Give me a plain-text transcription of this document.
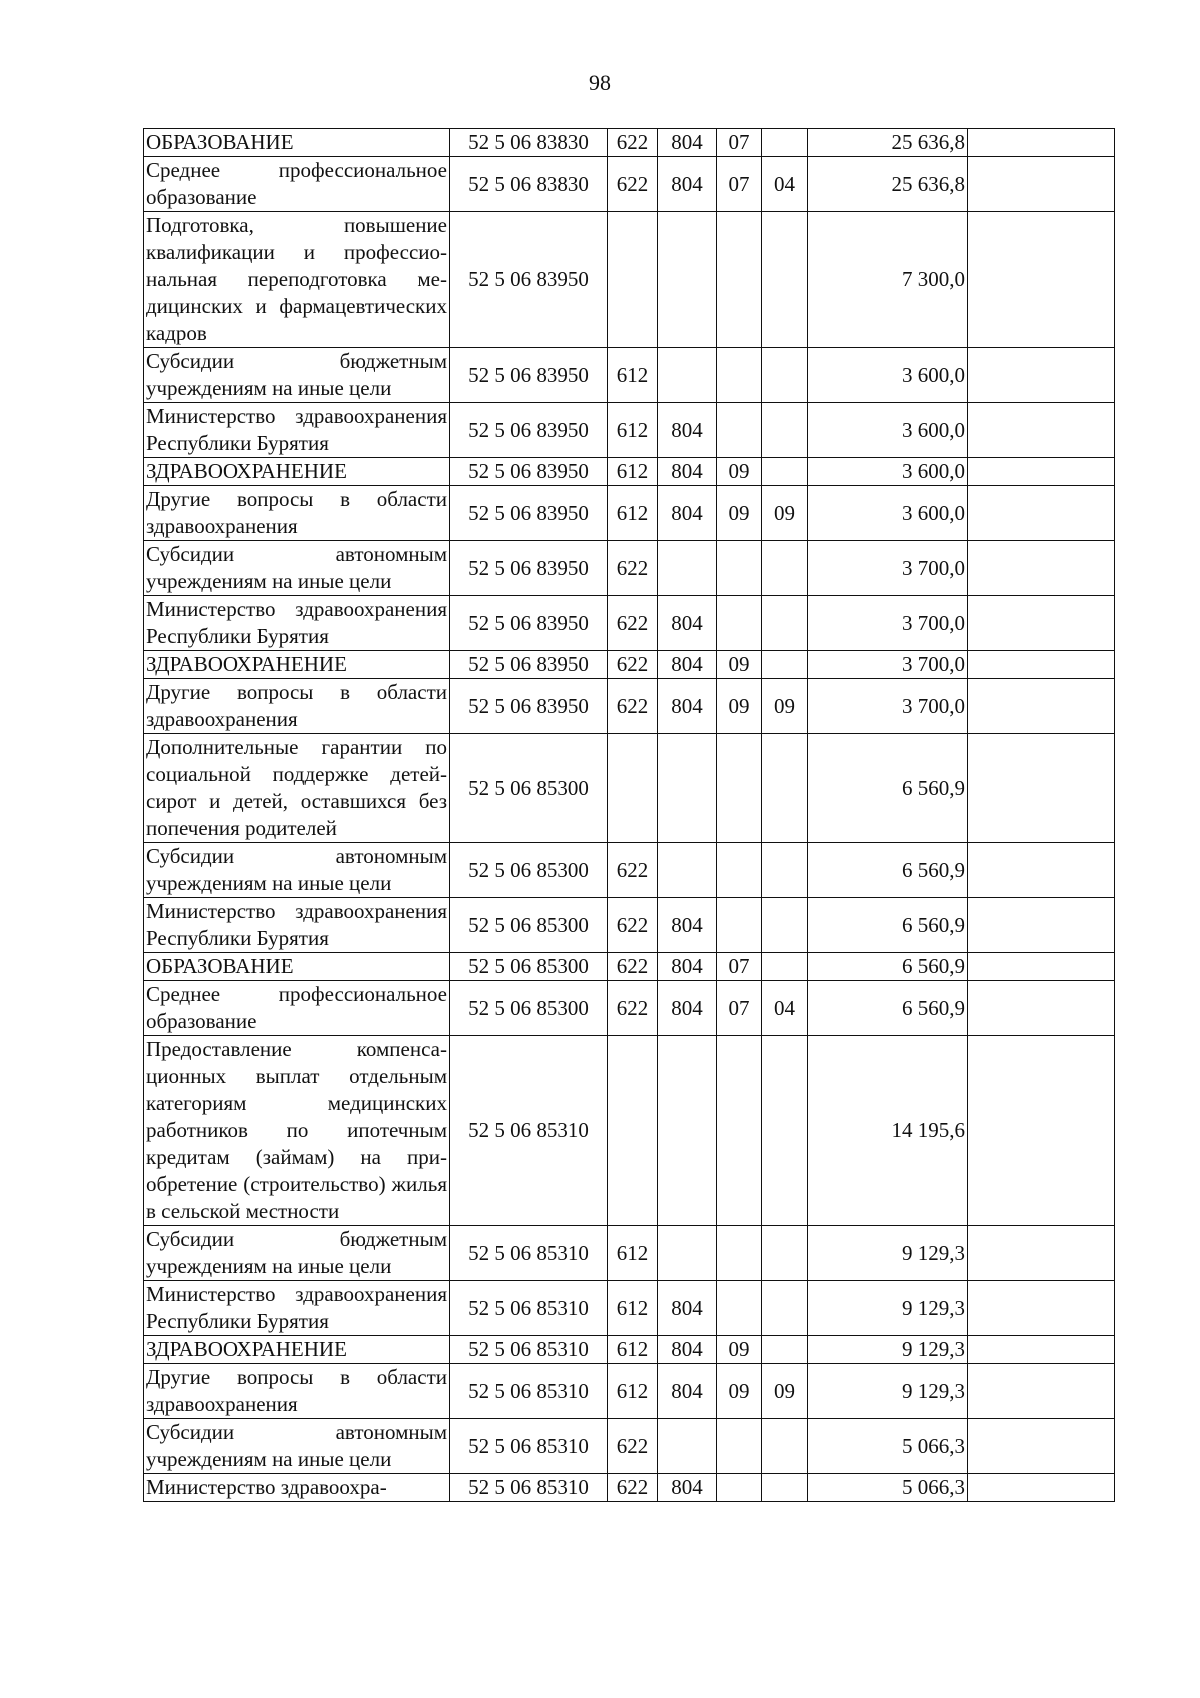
98
ОБРАЗОВАНИЕ	52 5 06 83830	622	804	07		25 636,8	

Среднее профессиональное образование	52 5 06 83830	622	804	07	04	25 636,8	

Подготовка, повышение квалификации и профессиональная переподготовка медицинских и фармацевтических кадров	52 5 06 83950					7 300,0	

Субсидии бюджетным учреждениям на иные цели	52 5 06 83950	612				3 600,0	

Министерство здравоохранения Республики Бурятия	52 5 06 83950	612	804			3 600,0	

ЗДРАВООХРАНЕНИЕ	52 5 06 83950	612	804	09		3 600,0	

Другие вопросы в области здравоохранения	52 5 06 83950	612	804	09	09	3 600,0	

Субсидии автономным учреждениям на иные цели	52 5 06 83950	622				3 700,0	

Министерство здравоохранения Республики Бурятия	52 5 06 83950	622	804			3 700,0	

ЗДРАВООХРАНЕНИЕ	52 5 06 83950	622	804	09		3 700,0	

Другие вопросы в области здравоохранения	52 5 06 83950	622	804	09	09	3 700,0	

Дополнительные гарантии по социальной поддержке детей-сирот и детей, оставшихся без попечения родителей	52 5 06 85300					6 560,9	

Субсидии автономным учреждениям на иные цели	52 5 06 85300	622				6 560,9	

Министерство здравоохранения Республики Бурятия	52 5 06 85300	622	804			6 560,9	

ОБРАЗОВАНИЕ	52 5 06 85300	622	804	07		6 560,9	

Среднее профессиональное образование	52 5 06 85300	622	804	07	04	6 560,9	

Предоставление компенсационных выплат отдельным категориям медицинских работников по ипотечным кредитам (займам) на приобретение (строительство) жилья в сельской местности	52 5 06 85310					14 195,6	

Субсидии бюджетным учреждениям на иные цели	52 5 06 85310	612				9 129,3	

Министерство здравоохранения Республики Бурятия	52 5 06 85310	612	804			9 129,3	

ЗДРАВООХРАНЕНИЕ	52 5 06 85310	612	804	09		9 129,3	

Другие вопросы в области здравоохранения	52 5 06 85310	612	804	09	09	9 129,3	

Субсидии автономным учреждениям на иные цели	52 5 06 85310	622				5 066,3	

Министерство здравоохра-	52 5 06 85310	622	804			5 066,3	
